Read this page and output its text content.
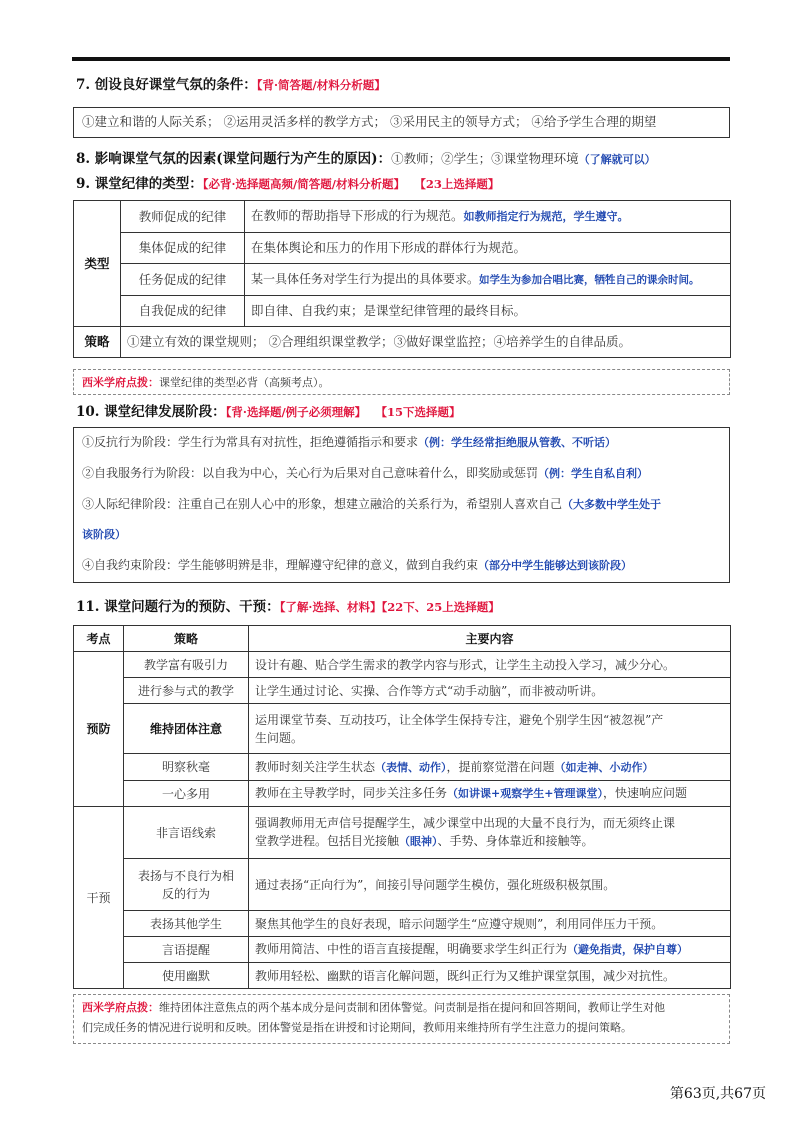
7. 创设良好课堂气氛的条件：【背·简答题/材料分析题】
①建立和谐的人际关系； ②运用灵活多样的教学方式； ③采用民主的领导方式； ④给予学生合理的期望
8. 影响课堂气氛的因素(课堂问题行为产生的原因)：①教师；②学生；③课堂物理环境（了解就可以）
9. 课堂纪律的类型：【必背·选择题高频/简答题/材料分析题】 【23上选择题】
类型	教师促成的纪律	在教师的帮助指导下形成的行为规范。如教师指定行为规范，学生遵守。
	集体促成的纪律	在集体舆论和压力的作用下形成的群体行为规范。
	任务促成的纪律	某一具体任务对学生行为提出的具体要求。如学生为参加合唱比赛，牺牲自己的课余时间。
	自我促成的纪律	即自律、自我约束；是课堂纪律管理的最终目标。
策略	①建立有效的课堂规则； ②合理组织课堂教学；③做好课堂监控；④培养学生的自律品质。	
西米学府点拨：课堂纪律的类型必背（高频考点）。
10. 课堂纪律发展阶段：【背·选择题/例子必须理解】 【15下选择题】
①反抗行为阶段：学生行为常具有对抗性，拒绝遵循指示和要求（例：学生经常拒绝服从管教、不听话）
②自我服务行为阶段：以自我为中心，关心行为后果对自己意味着什么，即奖励或惩罚（例：学生自私自利）
③人际纪律阶段：注重自己在别人心中的形象，想建立融洽的关系行为，希望别人喜欢自己（大多数中学生处于
该阶段）
④自我约束阶段：学生能够明辨是非，理解遵守纪律的意义，做到自我约束（部分中学生能够达到该阶段）
11. 课堂问题行为的预防、干预：【了解·选择、材料】【22下、25上选择题】
考点	策略	主要内容
预防	教学富有吸引力	设计有趣、贴合学生需求的教学内容与形式，让学生主动投入学习，减少分心。
	进行参与式的教学	让学生通过讨论、实操、合作等方式“动手动脑”，而非被动听讲。
	维持团体注意	运用课堂节奏、互动技巧，让全体学生保持专注，避免个别学生因“被忽视”产
生问题。
	明察秋毫	教师时刻关注学生状态（表情、动作），提前察觉潜在问题（如走神、小动作）
	一心多用	教师在主导教学时，同步关注多任务（如讲课+观察学生+管理课堂），快速响应问题
干预	非言语线索	强调教师用无声信号提醒学生，减少课堂中出现的大量不良行为，而无须终止课
堂教学进程。包括目光接触（眼神）、手势、身体靠近和接触等。
	表扬与不良行为相
反的行为	通过表扬“正向行为”，间接引导问题学生模仿，强化班级积极氛围。
	表扬其他学生	聚焦其他学生的良好表现，暗示问题学生“应遵守规则”，利用同伴压力干预。
	言语提醒	教师用简洁、中性的语言直接提醒，明确要求学生纠正行为（避免指责，保护自尊）
	使用幽默	教师用轻松、幽默的语言化解问题，既纠正行为又维护课堂氛围，减少对抗性。
西米学府点拨：维持团体注意焦点的两个基本成分是问责制和团体警觉。问责制是指在提问和回答期间，教师让学生对他
们完成任务的情况进行说明和反映。团体警觉是指在讲授和讨论期间，教师用来维持所有学生注意力的提问策略。
第63页,共67页
